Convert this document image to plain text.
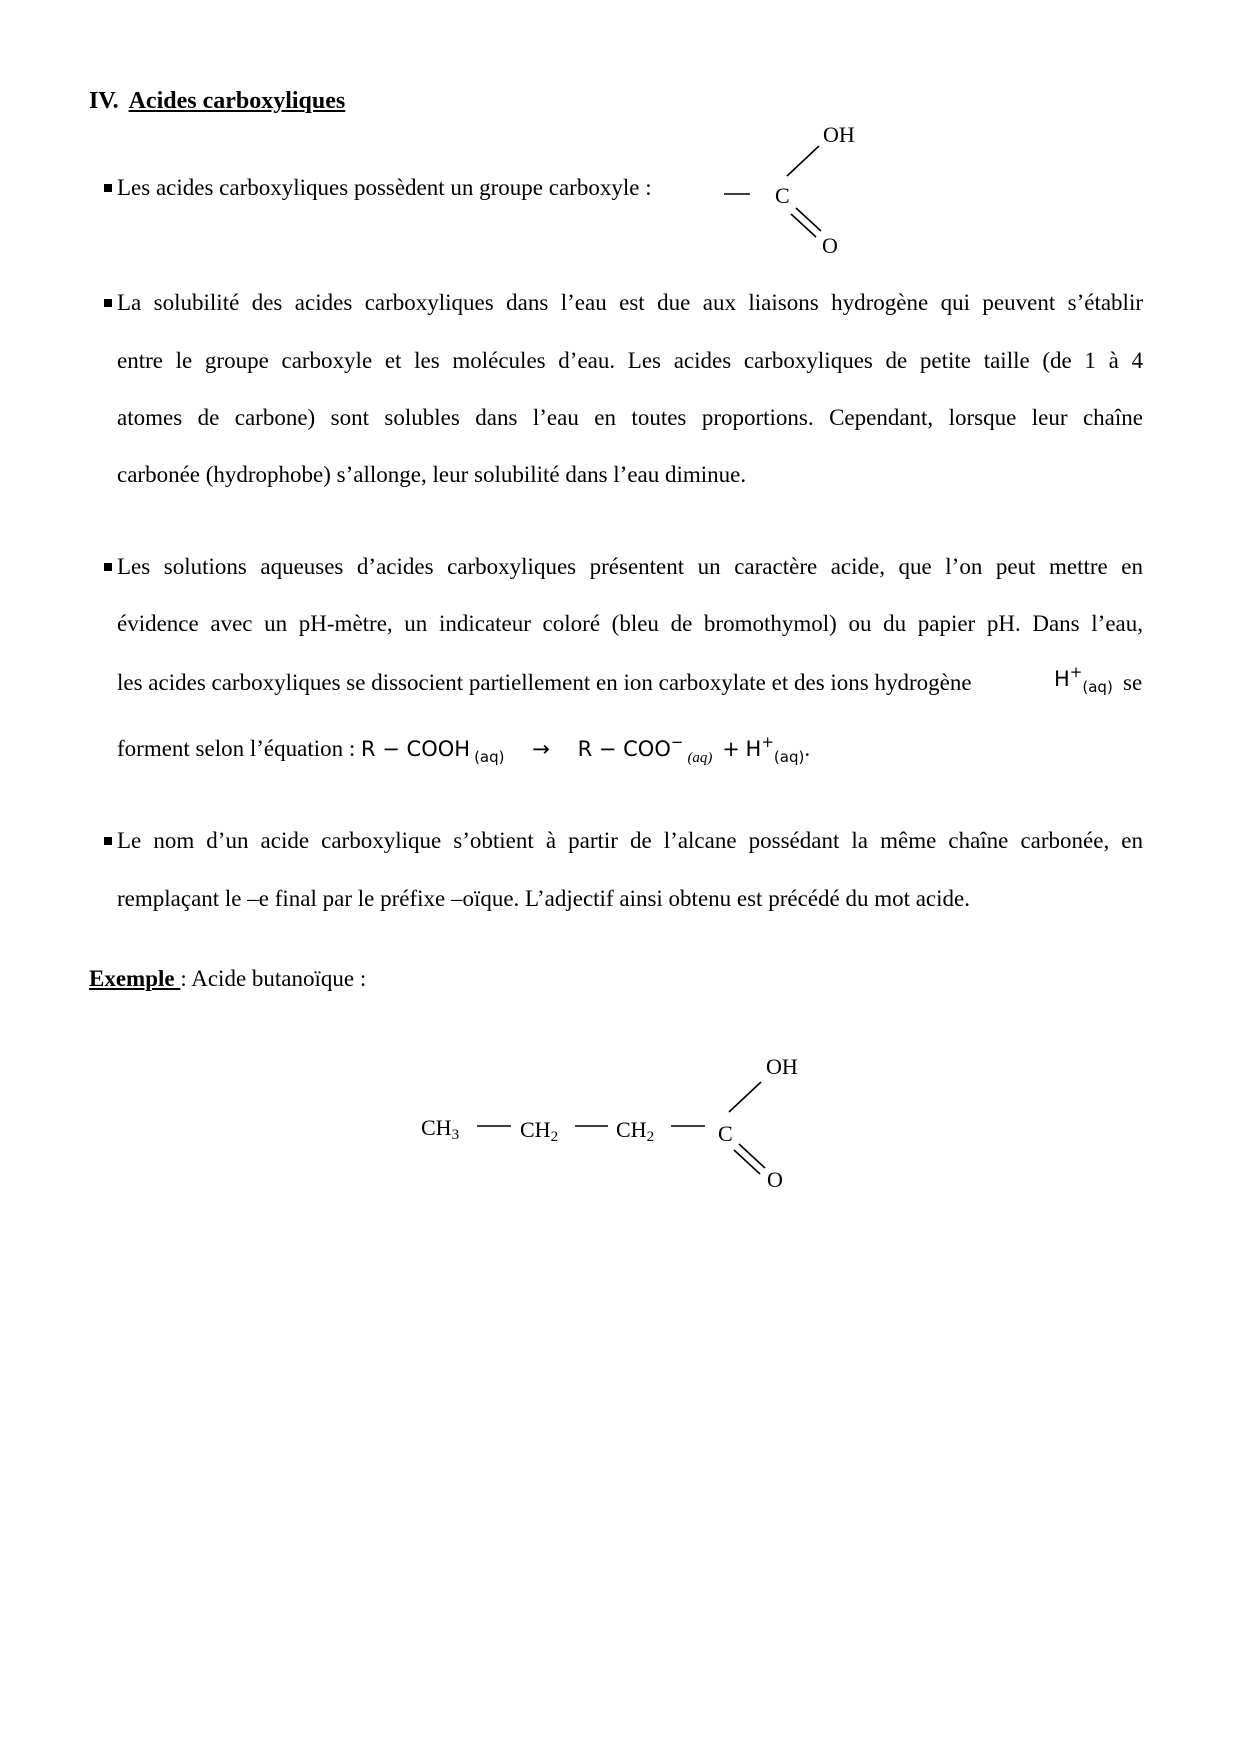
IV. Acides carboxyliques
Les acides carboxyliques possèdent un groupe carboxyle :
OH
C
O
La solubilité des acides carboxyliques dans l’eau est due aux liaisons hydrogène qui peuvent s’établir
entre le groupe carboxyle et les molécules d’eau. Les acides carboxyliques de petite taille (de 1 à 4
atomes de carbone) sont solubles dans l’eau en toutes proportions. Cependant, lorsque leur chaîne
carbonée (hydrophobe) s’allonge, leur solubilité dans l’eau diminue.
Les solutions aqueuses d’acides carboxyliques présentent un caractère acide, que l’on peut mettre en
évidence avec un pH-mètre, un indicateur coloré (bleu de bromothymol) ou du papier pH. Dans l’eau,
les acides carboxyliques se dissocient partiellement en ion carboxylate et des ions hydrogène	$H^+_{(aq)}$ se
forment selon l’équation : R − COOH $_{(aq)} \to R - COO^-_{(aq)} + H^+_{(aq)}$.
Le nom d’un acide carboxylique s’obtient à partir de l’alcane possédant la même chaîne carbonée, en
remplaçant le –e final par le préfixe –oïque. L’adjectif ainsi obtenu est précédé du mot acide.
Exemple : Acide butanoïque :
$CH_3$	$CH_2$	$CH_2$	C
OH
O
